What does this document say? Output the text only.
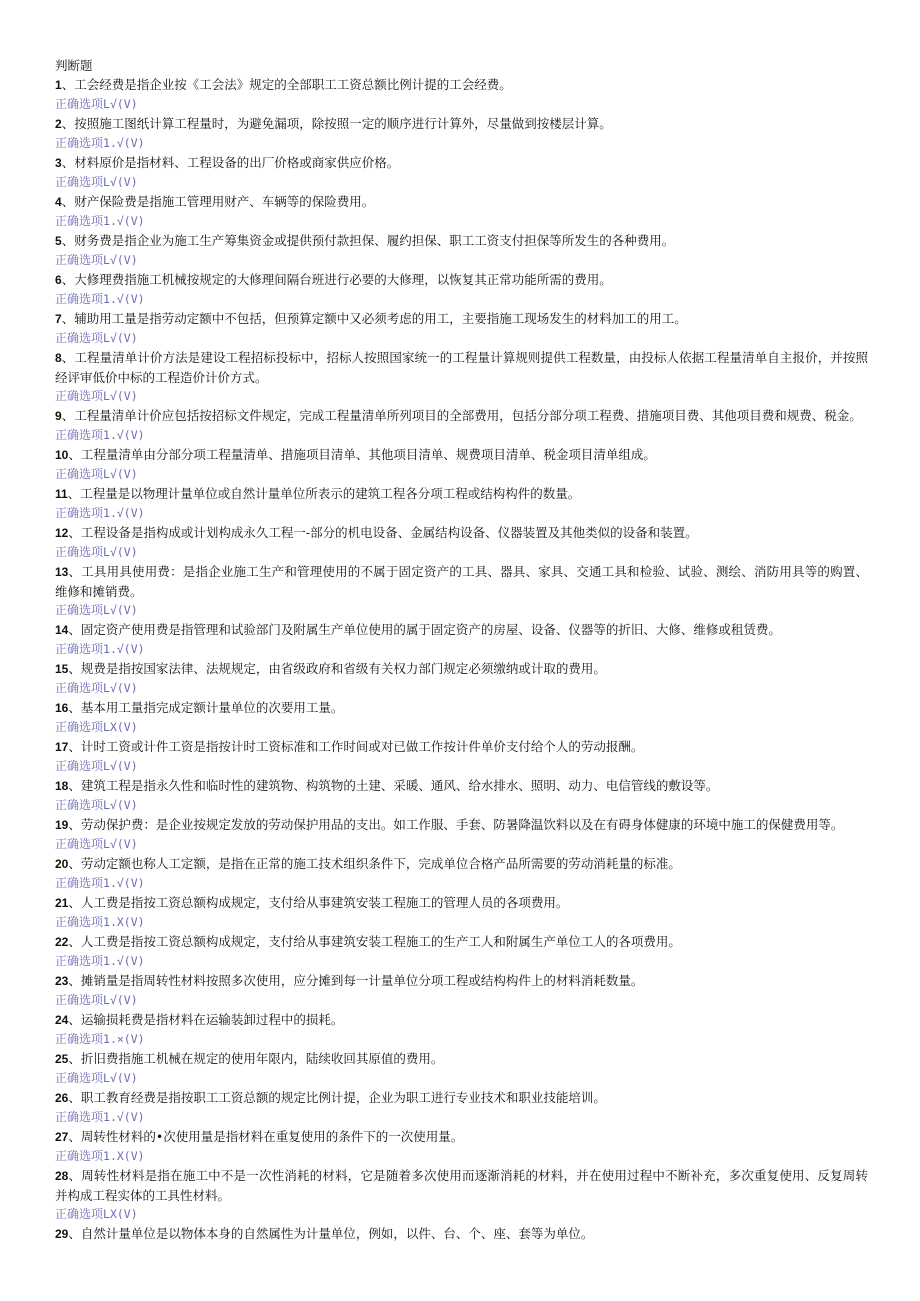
判断题
1、工会经费是指企业按《工会法》规定的全部职工工资总额比例计提的工会经费。
正确选项L√(V)
2、按照施工图纸计算工程量时，为避免漏项，除按照一定的顺序进行计算外，尽量做到按楼层计算。
正确选项1.√(V)
3、材料原价是指材料、工程设备的出厂价格或商家供应价格。
正确选项L√(V)
4、财产保险费是指施工管理用财产、车辆等的保险费用。
正确选项1.√(V)
5、财务费是指企业为施工生产筹集资金或提供预付款担保、履约担保、职工工资支付担保等所发生的各种费用。
正确选项L√(V)
6、大修理费指施工机械按规定的大修理间隔台班进行必要的大修理，以恢复其正常功能所需的费用。
正确选项1.√(V)
7、辅助用工量是指劳动定额中不包括，但预算定额中又必须考虑的用工，主要指施工现场发生的材料加工的用工。
正确选项L√(V)
8、工程量清单计价方法是建设工程招标投标中，招标人按照国家统一的工程量计算规则提供工程数量，由投标人依据工程量清单自主报价，并按照经评审低价中标的工程造价计价方式。
正确选项L√(V)
9、工程量清单计价应包括按招标文件规定，完成工程量清单所列项目的全部费用，包括分部分项工程费、措施项目费、其他项目费和规费、税金。
正确选项1.√(V)
10、工程量清单由分部分项工程量清单、措施项目清单、其他项目清单、规费项目清单、税金项目清单组成。
正确选项L√(V)
11、工程量是以物理计量单位或自然计量单位所表示的建筑工程各分项工程或结构构件的数量。
正确选项1.√(V)
12、工程设备是指构成或计划构成永久工程一-部分的机电设备、金属结构设备、仪器装置及其他类似的设备和装置。
正确选项L√(V)
13、工具用具使用费：是指企业施工生产和管理使用的不属于固定资产的工具、器具、家具、交通工具和检验、试验、测绘、消防用具等的购置、维修和摊销费。
正确选项L√(V)
14、固定资产使用费是指管理和试验部门及附属生产单位使用的属于固定资产的房屋、设备、仪器等的折旧、大修、维修或租赁费。
正确选项1.√(V)
15、规费是指按国家法律、法规规定，由省级政府和省级有关权力部门规定必须缴纳或计取的费用。
正确选项L√(V)
16、基本用工量指完成定额计量单位的次要用工量。
正确选项LX(V)
17、计时工资或计件工资是指按计时工资标准和工作时间或对已做工作按计件单价支付给个人的劳动报酬。
正确选项L√(V)
18、建筑工程是指永久性和临时性的建筑物、构筑物的土建、采暖、通风、给水排水、照明、动力、电信管线的敷设等。
正确选项L√(V)
19、劳动保护费：是企业按规定发放的劳动保护用品的支出。如工作服、手套、防暑降温饮料以及在有碍身体健康的环境中施工的保健费用等。
正确选项L√(V)
20、劳动定额也称人工定额，是指在正常的施工技术组织条件下，完成单位合格产品所需要的劳动消耗量的标准。
正确选项1.√(V)
21、人工费是指按工资总额构成规定，支付给从事建筑安装工程施工的管理人员的各项费用。
正确选项1.X(V)
22、人工费是指按工资总额构成规定，支付给从事建筑安装工程施工的生产工人和附属生产单位工人的各项费用。
正确选项1.√(V)
23、摊销量是指周转性材料按照多次使用，应分摊到每一计量单位分项工程或结构构件上的材料消耗数量。
正确选项L√(V)
24、运输损耗费是指材料在运输装卸过程中的损耗。
正确选项1.×(V)
25、折旧费指施工机械在规定的使用年限内，陆续收回其原值的费用。
正确选项L√(V)
26、职工教育经费是指按职工工资总额的规定比例计提，企业为职工进行专业技术和职业技能培训。
正确选项1.√(V)
27、周转性材料的•次使用量是指材料在重复使用的条件下的一次使用量。
正确选项1.X(V)
28、周转性材料是指在施工中不是一次性消耗的材料，它是随着多次使用而逐渐消耗的材料，并在使用过程中不断补充，多次重复使用、反复周转并构成工程实体的工具性材料。
正确选项LX(V)
29、自然计量单位是以物体本身的自然属性为计量单位，例如，以件、台、个、座、套等为单位。
